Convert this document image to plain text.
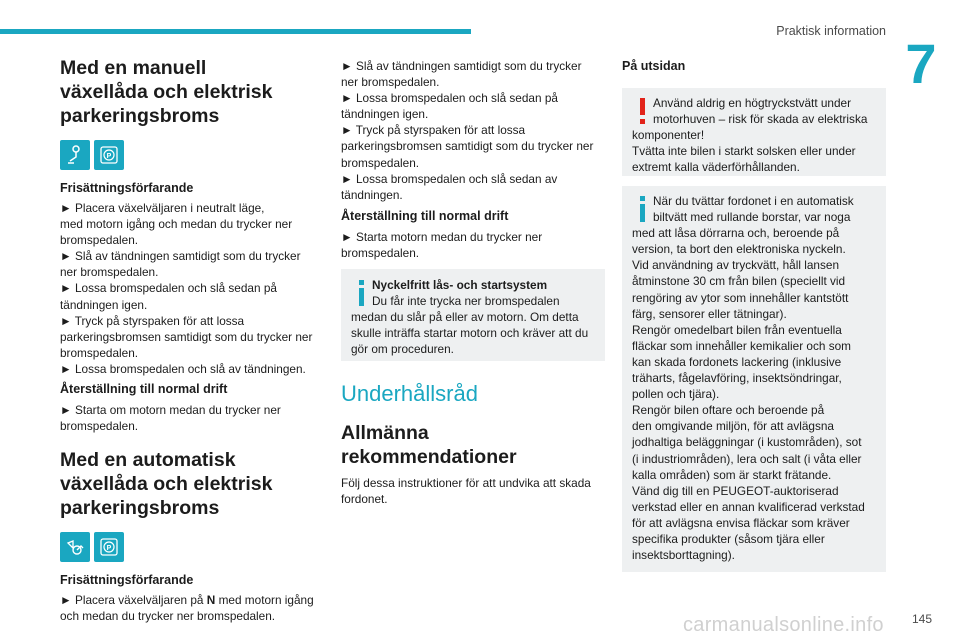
Praktisk information
7
Med en manuell
växellåda och elektrisk
parkeringsbroms
P
Frisättningsförfarande
► Placera växelväljaren i neutralt läge,
med motorn igång och medan du trycker ner
bromspedalen.
► Slå av tändningen samtidigt som du trycker
ner bromspedalen.
► Lossa bromspedalen och slå sedan på
tändningen igen.
► Tryck på styrspaken för att lossa
parkeringsbromsen samtidigt som du trycker ner
bromspedalen.
► Lossa bromspedalen och slå av tändningen.
Återställning till normal drift
► Starta om motorn medan du trycker ner
bromspedalen.
Med en automatisk
växellåda och elektrisk
parkeringsbroms
P
Frisättningsförfarande
► Placera växelväljaren på N med motorn igång
och medan du trycker ner bromspedalen.
► Slå av tändningen samtidigt som du trycker
ner bromspedalen.
► Lossa bromspedalen och slå sedan på
tändningen igen.
► Tryck på styrspaken för att lossa
parkeringsbromsen samtidigt som du trycker ner
bromspedalen.
► Lossa bromspedalen och slå sedan av
tändningen.
Återställning till normal drift
► Starta motorn medan du trycker ner
bromspedalen.
Nyckelfritt lås- och startsystem
Du får inte trycka ner bromspedalen
medan du slår på eller av motorn. Om detta
skulle inträffa startar motorn och kräver att du
gör om proceduren.
Underhållsråd
Allmänna
rekommendationer
Följ dessa instruktioner för att undvika att skada
fordonet.
På utsidan
Använd aldrig en högtryckstvätt under
motorhuven – risk för skada av elektriska
komponenter!
Tvätta inte bilen i starkt solsken eller under
extremt kalla väderförhållanden.
När du tvättar fordonet i en automatisk
biltvätt med rullande borstar, var noga
med att låsa dörrarna och, beroende på
version, ta bort den elektroniska nyckeln.
Vid användning av tryckvätt, håll lansen
åtminstone 30 cm från bilen (speciellt vid
rengöring av ytor som innehåller kantstött
färg, sensorer eller tätningar).
Rengör omedelbart bilen från eventuella
fläckar som innehåller kemikalier och som
kan skada fordonets lackering (inklusive
träharts, fågelavföring, insektsöndringar,
pollen och tjära).
Rengör bilen oftare och beroende på
den omgivande miljön, för att avlägsna
jodhaltiga beläggningar (i kustområden), sot
(i industriområden), lera och salt (i våta eller
kalla områden) som är starkt frätande.
Vänd dig till en PEUGEOT-auktoriserad
verkstad eller en annan kvalificerad verkstad
för att avlägsna envisa fläckar som kräver
specifika produkter (såsom tjära eller
insektsborttagning).
carmanualsonline.info 145
